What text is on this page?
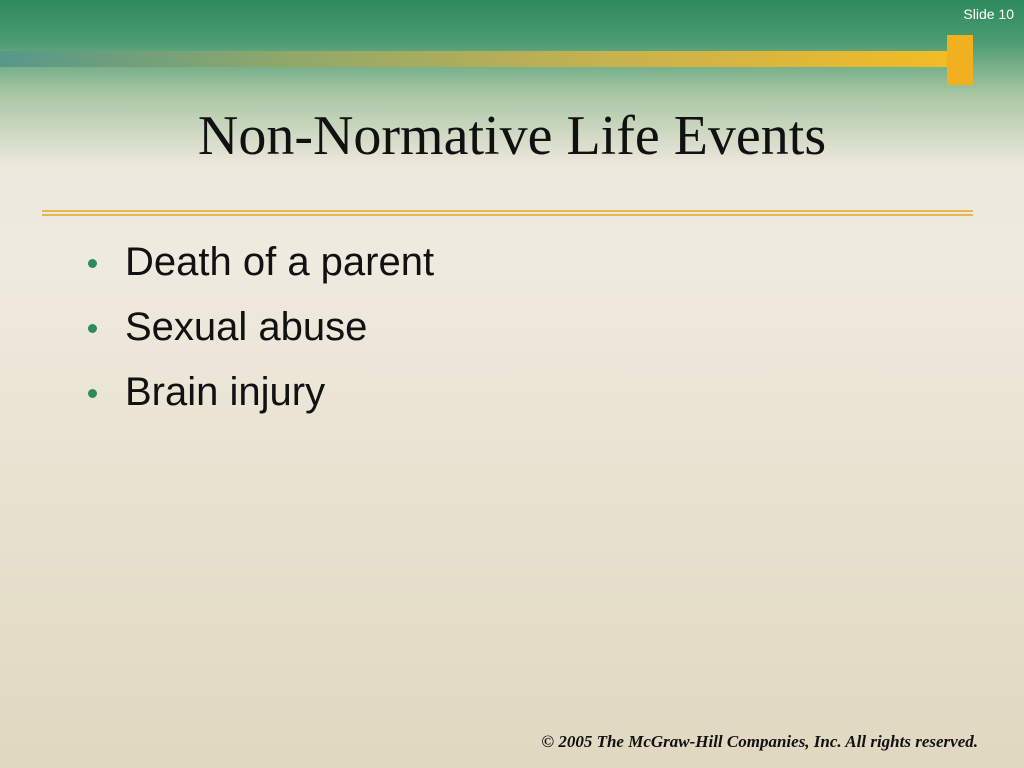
Slide 10
Non-Normative Life Events
Death of a parent
Sexual abuse
Brain injury
© 2005 The McGraw-Hill Companies, Inc. All rights reserved.
